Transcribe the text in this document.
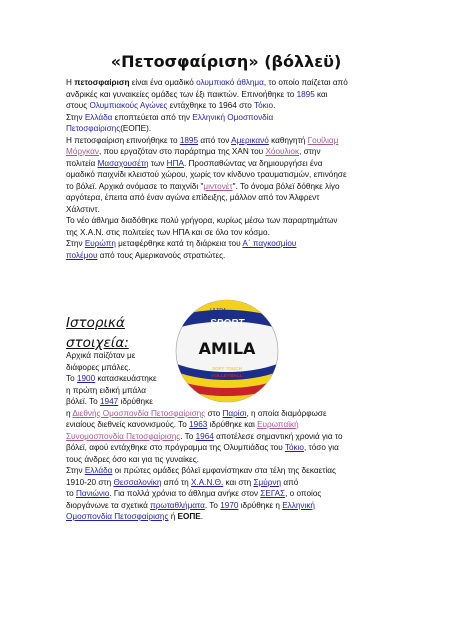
«Πετοσφαίριση» (βόλλεϋ)
Η πετοσφαίριση είναι ένα ομαδικό ολυμπιακό άθλημα, το οποίο παίζεται από
ανδρικές και γυναικείες ομάδες των έξι παικτών. Επινοήθηκε το 1895 και
στους Ολυμπιακούς Αγώνες εντάχθηκε το 1964 στο Τόκιο.
Στην Ελλάδα εποπτεύεται από την Ελληνική Ομοσπονδία
Πετοσφαίρισης(ΕΟΠΕ).
Η πετοσφαίριση επινοήθηκε το 1895 από τον Αμερικανό καθηγητή Γουίλιαμ
Μόργκαν, που εργαζόταν στο παράρτημα της ΧΑΝ του Χόουλιοκ, στην
πολιτεία Μασαχουσέτη των ΗΠΑ. Προσπαθώντας να δημιουργήσει ένα
ομαδικό παιχνίδι κλειστού χώρου, χωρίς τον κίνδυνο τραυματισμών, επινόησε
το βόλεϊ. Αρχικά ονόμασε το παιχνίδι "μιντονέτ". Το όνομα βόλεϊ δόθηκε λίγο
αργότερα, έπειτα από έναν αγώνα επίδειξης, μάλλον από τον Άλφρεντ
Χάλστιντ.
Το νέο άθλημα διαδόθηκε πολύ γρήγορα, κυρίως μέσω των παραρτημάτων
της Χ.Α.Ν. στις πολιτείες των ΗΠΑ και σε όλο τον κόσμο.
Στην Ευρώπη μεταφέρθηκε κατά τη διάρκεια του Α΄ παγκοσμίου
πολέμου από τους Αμερικανούς στρατιώτες.
Ιστορικά στοιχεία:
ULTRA
SPORT
AMILA
SOFT TOUCH
VOLLEYBALL
Αρχικά παίζόταν με
διάφορες μπάλες.
Το 1900 κατασκευάστηκε
η πρώτη ειδική μπάλα
βόλεϊ. Το 1947 ιδρύθηκε
η Διεθνής Ομοσπονδία Πετοσφαίρισης στο Παρίσι, η οποία διαμόρφωσε
ενιαίους διεθνείς κανονισμούς. Το 1963 ιδρύθηκε και Ευρωπαϊκή
Συνομοσπονδία Πετοσφαίρισης. Το 1964 αποτέλεσε σημαντική χρονιά για το
βόλεϊ, αφού εντάχθηκε στο πρόγραμμα της Ολυμπιάδας του Τόκιο, τόσο για
τους άνδρες όσο και για τις γυναίκες.
Στην Ελλάδα οι πρώτες ομάδες βόλεϊ εμφανίστηκαν στα τέλη της δεκαετίας
1910-20 στη Θεσσαλονίκη από τη Χ.Α.Ν.Θ. και στη Σμύρνη από
το Πανιώνιο. Για πολλά χρόνια το άθλημα ανήκε στον ΣΕΓΑΣ, ο οποίος
διοργάνωνε τα σχετικά πρωταθλήματα. Το 1970 ιδρύθηκε η Ελληνική
Ομοσπονδία Πετοσφαίρισης ή ΕΟΠΕ.
